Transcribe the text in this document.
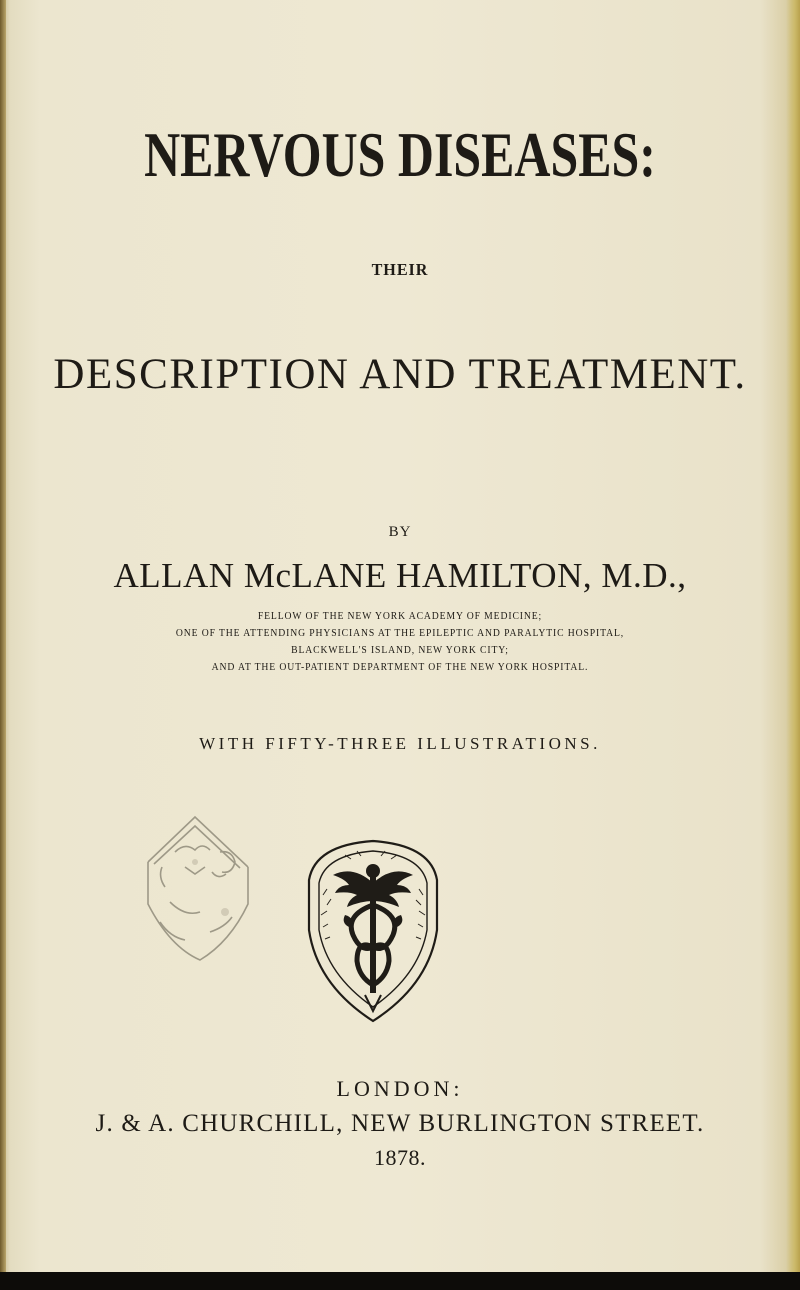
NERVOUS DISEASES:
THEIR
DESCRIPTION AND TREATMENT.
BY
ALLAN McLANE HAMILTON, M.D.,
FELLOW OF THE NEW YORK ACADEMY OF MEDICINE;
ONE OF THE ATTENDING PHYSICIANS AT THE EPILEPTIC AND PARALYTIC HOSPITAL,
BLACKWELL'S ISLAND, NEW YORK CITY;
AND AT THE OUT-PATIENT DEPARTMENT OF THE NEW YORK HOSPITAL.
WITH FIFTY-THREE ILLUSTRATIONS.
LONDON:
J. & A. CHURCHILL, NEW BURLINGTON STREET.
1878.
